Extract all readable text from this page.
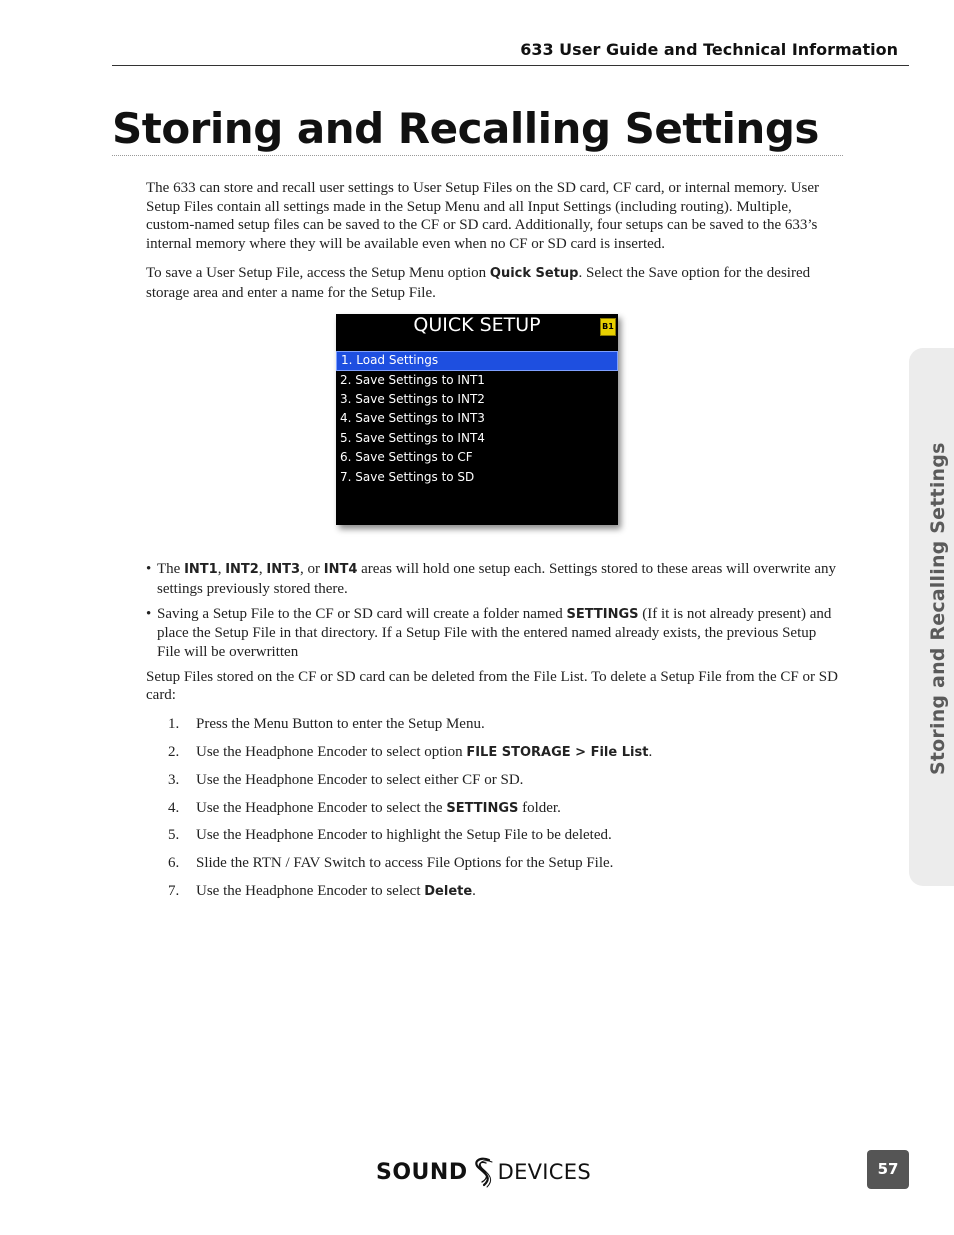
633 User Guide and Technical Information
Storing and Recalling Settings

The 633 can store and recall user settings to User Setup Files on the SD card, CF card, or internal memory. User Setup Files contain all settings made in the Setup Menu and all Input Settings (including routing). Multiple, custom-named setup files can be saved to the CF or SD card. Additionally, four setups can be saved to the 633’s internal memory where they will be available even when no CF or SD card is inserted.

To save a User Setup File, access the Setup Menu option Quick Setup. Select the Save option for the desired storage area and enter a name for the Setup File.

QUICK SETUP	B1
1. Load Settings
2. Save Settings to INT1
3. Save Settings to INT2
4. Save Settings to INT3
5. Save Settings to INT4
6. Save Settings to CF
7. Save Settings to SD
• The INT1, INT2, INT3, or INT4 areas will hold one setup each. Settings stored to these areas will overwrite any settings previously stored there.
• Saving a Setup File to the CF or SD card will create a folder named SETTINGS (If it is not already present) and place the Setup File in that directory. If a Setup File with the entered named already exists, the previous Setup File will be overwritten

Setup Files stored on the CF or SD card can be deleted from the File List. To delete a Setup File from the CF or SD card:

1. Press the Menu Button to enter the Setup Menu.
2. Use the Headphone Encoder to select option FILE STORAGE > File List.
3. Use the Headphone Encoder to select either CF or SD.
4. Use the Headphone Encoder to select the SETTINGS folder.
5. Use the Headphone Encoder to highlight the Setup File to be deleted.
6. Slide the RTN / FAV Switch to access File Options for the Setup File.
7. Use the Headphone Encoder to select Delete.
Storing and Recalling Settings
SOUND DEVICES	57
